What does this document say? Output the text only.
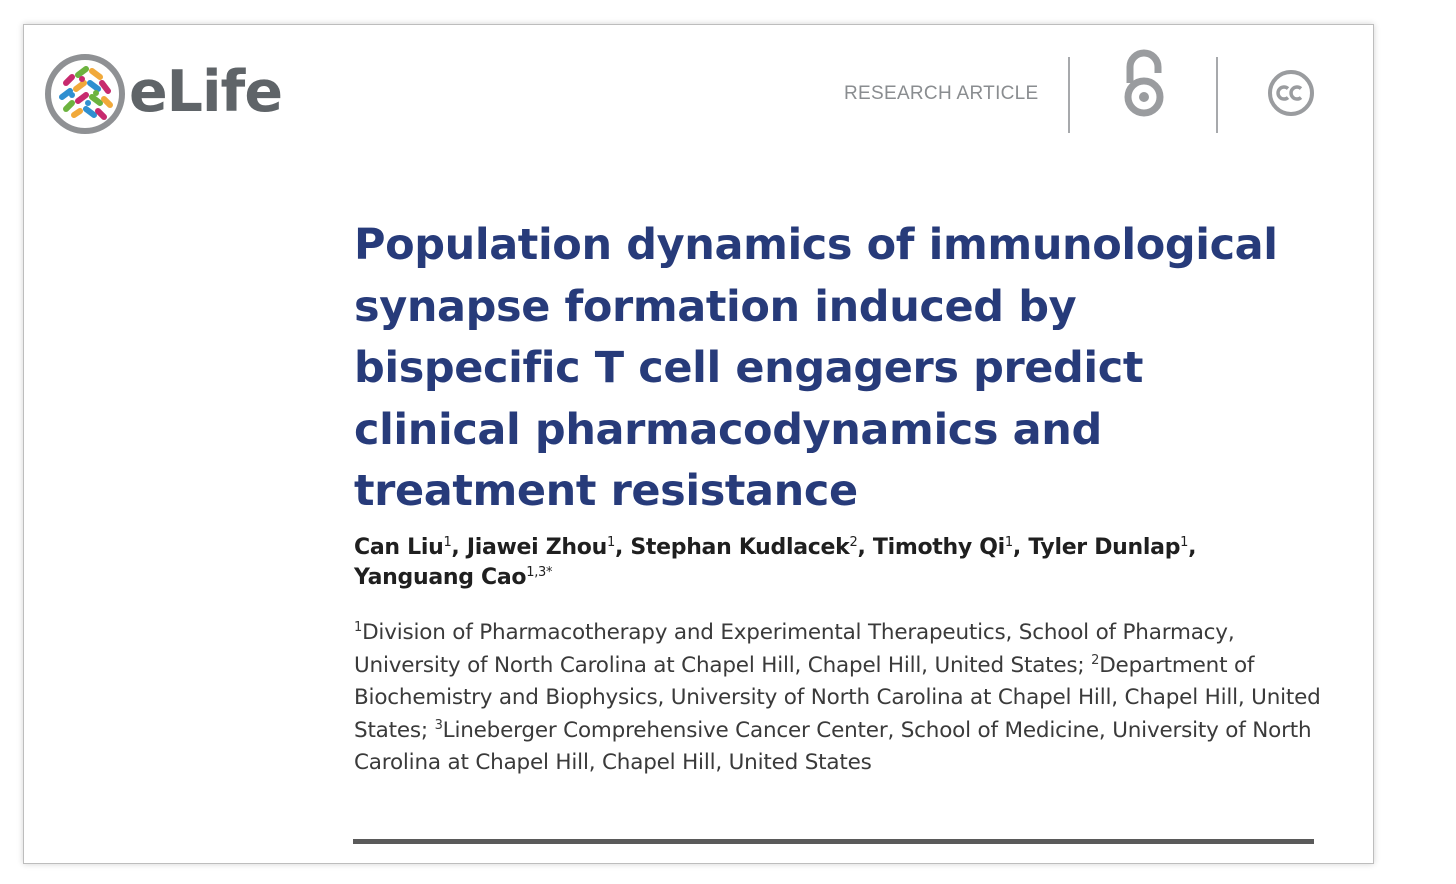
eLife	RESEARCH ARTICLE
Population dynamics of immunological synapse formation induced by bispecific T cell engagers predict clinical pharmacodynamics and treatment resistance
Can Liu$^1$, Jiawei Zhou$^1$, Stephan Kudlacek$^2$, Timothy Qi$^1$, Tyler Dunlap$^1$,
Yanguang Cao$^{1,3*}$
$^1$Division of Pharmacotherapy and Experimental Therapeutics, School of Pharmacy, University of North Carolina at Chapel Hill, Chapel Hill, United States; $^2$Department of Biochemistry and Biophysics, University of North Carolina at Chapel Hill, Chapel Hill, United States; $^3$Lineberger Comprehensive Cancer Center, School of Medicine, University of North Carolina at Chapel Hill, Chapel Hill, United States
